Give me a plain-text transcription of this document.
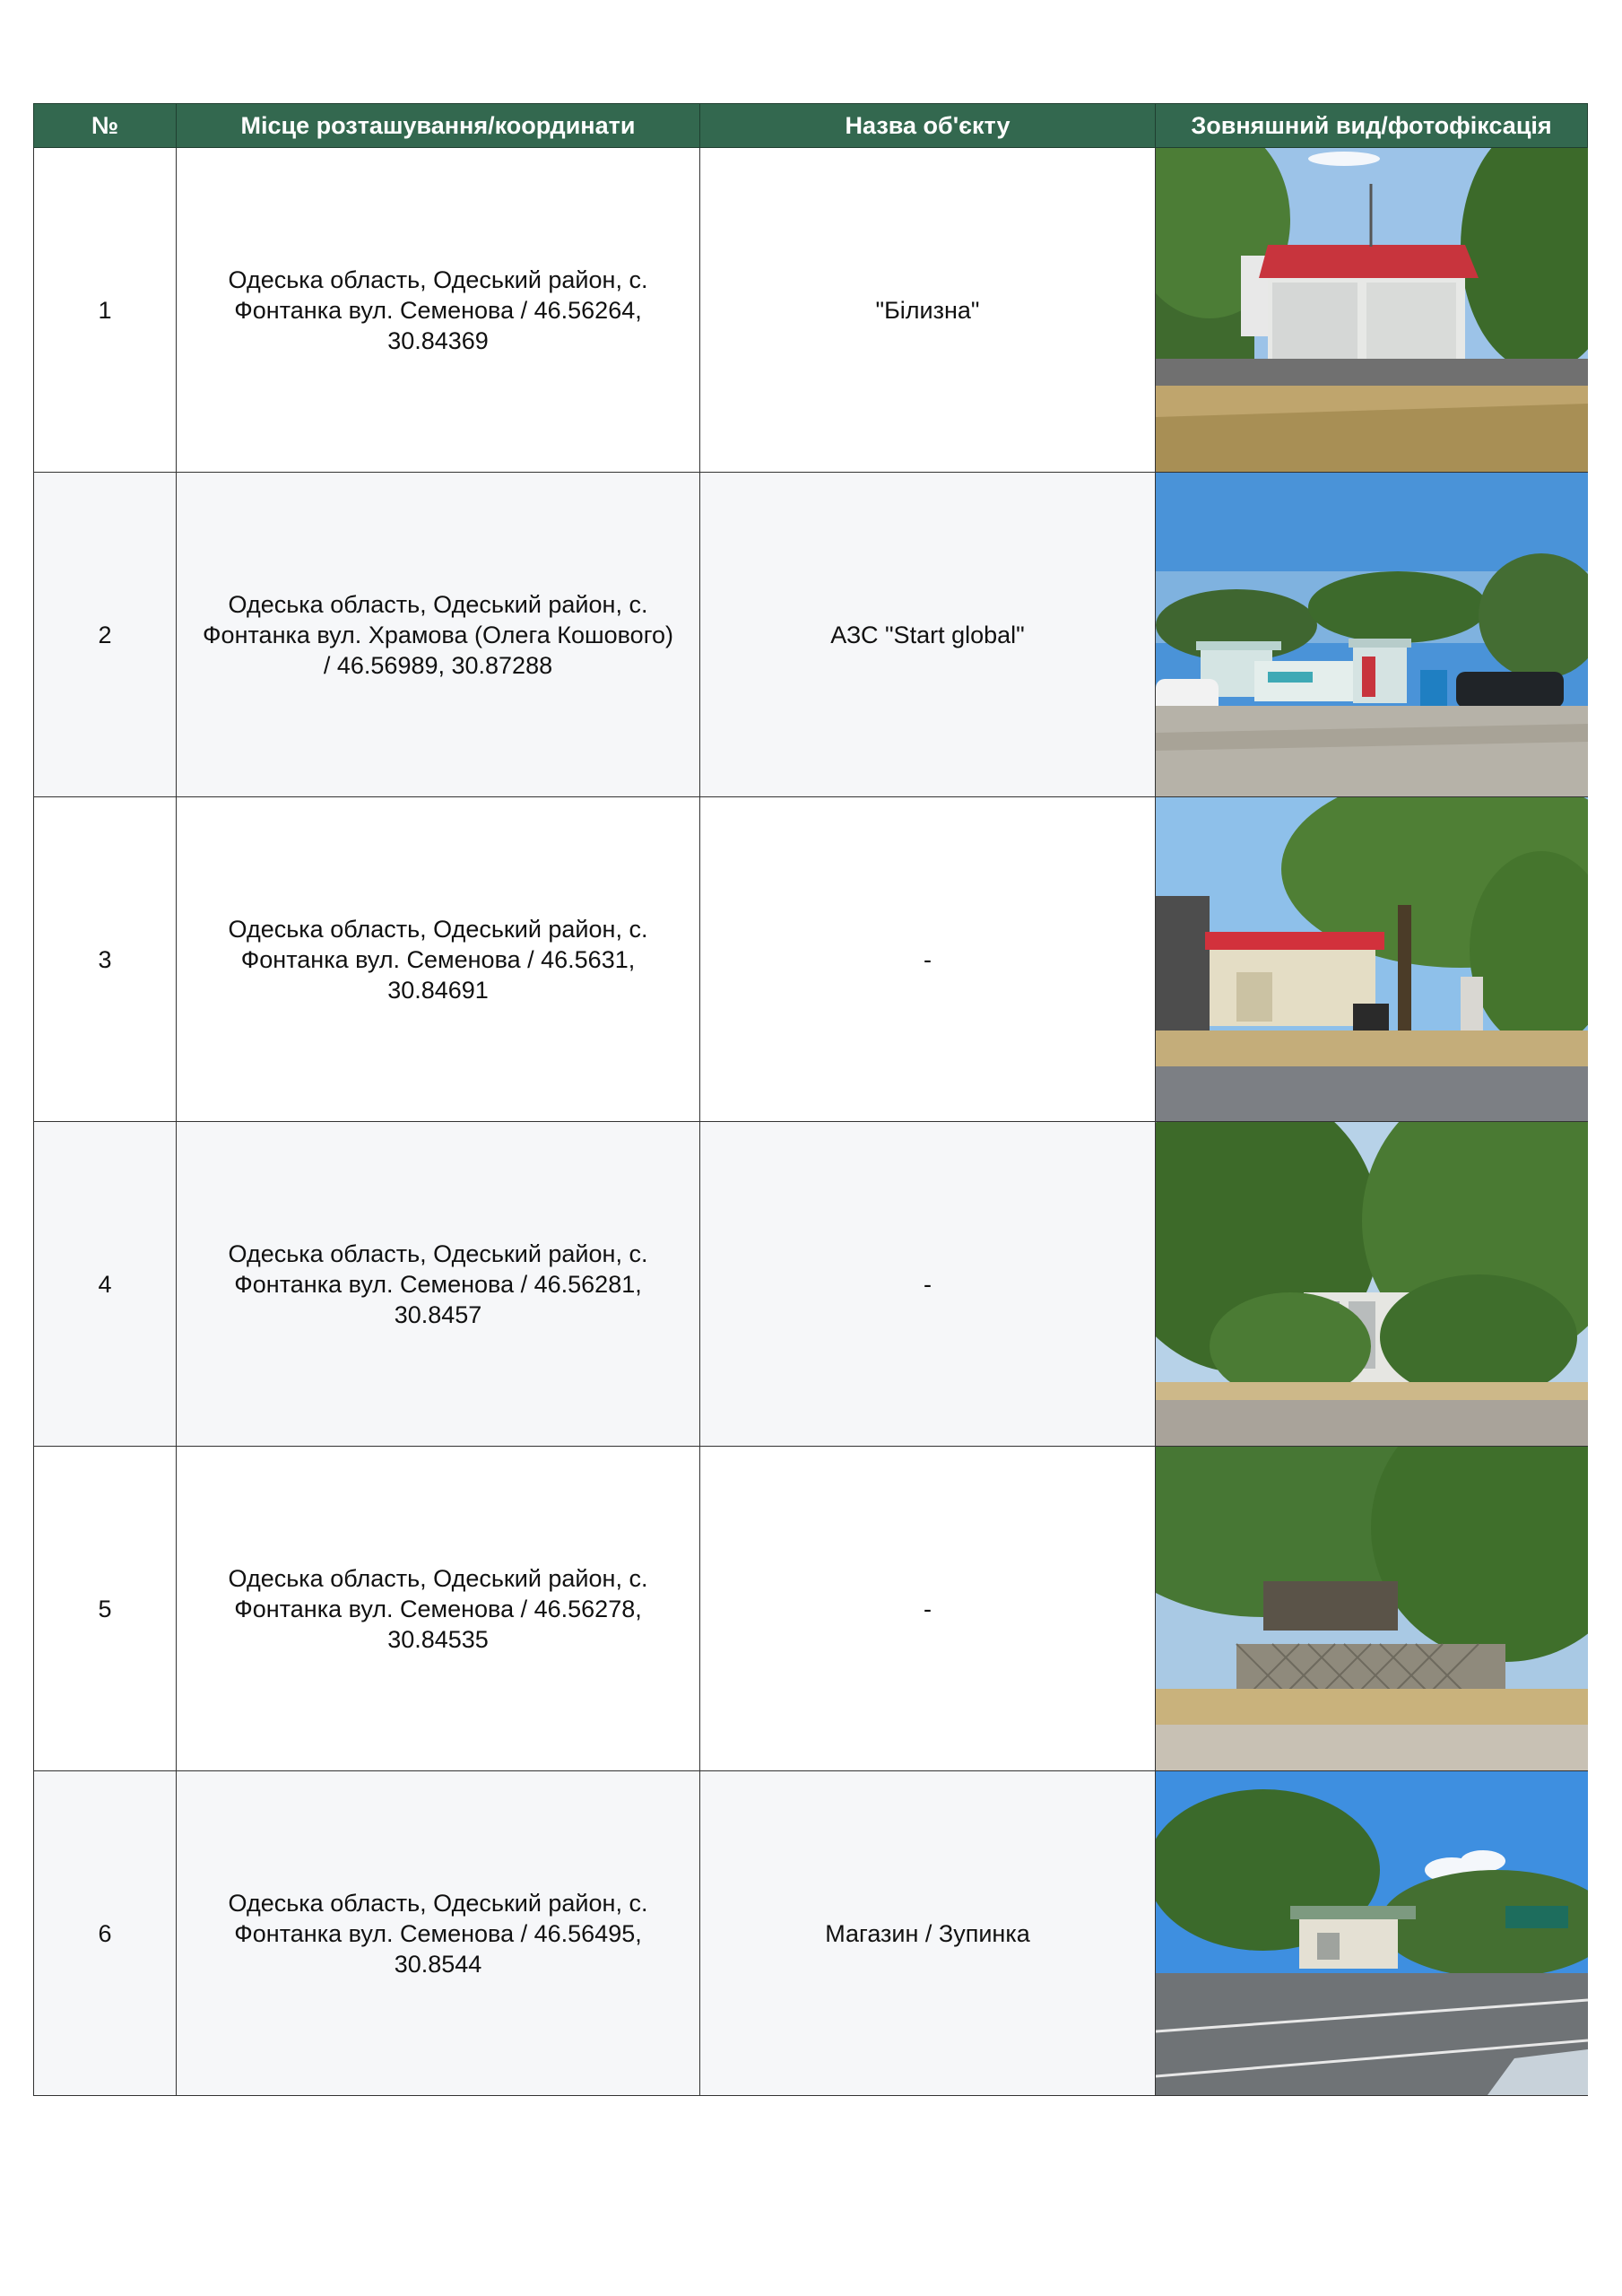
№	Місце розташування/координати	Назва об'єкту	Зовняшний вид/фотофіксація
1	Одеська область, Одеський район, с. Фонтанка вул. Семенова / 46.56264, 30.84369	"Білизна"	

2	Одеська область, Одеський район, с. Фонтанка вул. Храмова (Олега Кошового) / 46.56989, 30.87288	АЗС "Start global"	

3	Одеська область, Одеський район, с. Фонтанка вул. Семенова / 46.5631, 30.84691	-	

4	Одеська область, Одеський район, с. Фонтанка вул. Семенова / 46.56281, 30.8457	-	

5	Одеська область, Одеський район, с. Фонтанка вул. Семенова / 46.56278, 30.84535	-	

6	Одеська область, Одеський район, с. Фонтанка вул. Семенова / 46.56495, 30.8544	Магазин / Зупинка	
